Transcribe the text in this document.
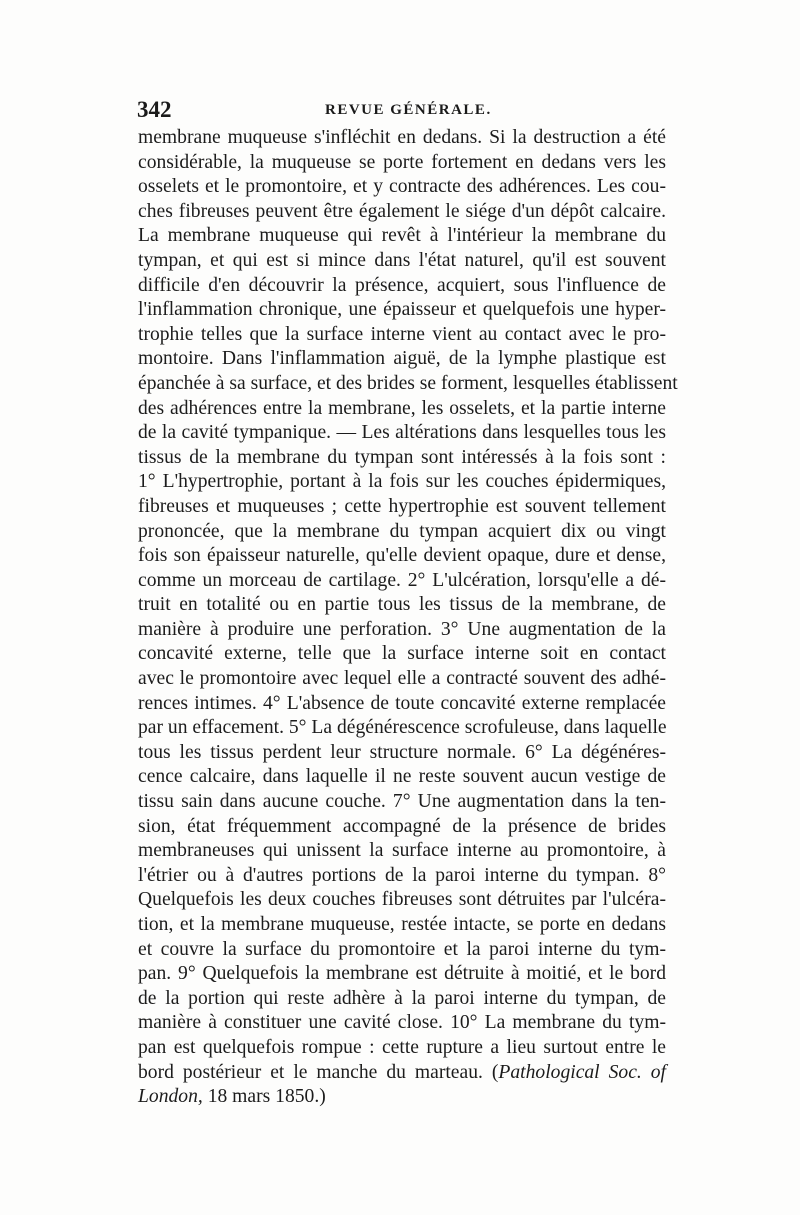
342	REVUE GÉNÉRALE.
membrane muqueuse s'infléchit en dedans. Si la destruction a été
considérable, la muqueuse se porte fortement en dedans vers les
osselets et le promontoire, et y contracte des adhérences. Les cou-
ches fibreuses peuvent être également le siége d'un dépôt calcaire.
La membrane muqueuse qui revêt à l'intérieur la membrane du
tympan, et qui est si mince dans l'état naturel, qu'il est souvent
difficile d'en découvrir la présence, acquiert, sous l'influence de
l'inflammation chronique, une épaisseur et quelquefois une hyper-
trophie telles que la surface interne vient au contact avec le pro-
montoire. Dans l'inflammation aiguë, de la lymphe plastique est
épanchée à sa surface, et des brides se forment, lesquelles établissent
des adhérences entre la membrane, les osselets, et la partie interne
de la cavité tympanique. — Les altérations dans lesquelles tous les
tissus de la membrane du tympan sont intéressés à la fois sont :
1° L'hypertrophie, portant à la fois sur les couches épidermiques,
fibreuses et muqueuses ; cette hypertrophie est souvent tellement
prononcée, que la membrane du tympan acquiert dix ou vingt
fois son épaisseur naturelle, qu'elle devient opaque, dure et dense,
comme un morceau de cartilage. 2° L'ulcération, lorsqu'elle a dé-
truit en totalité ou en partie tous les tissus de la membrane, de
manière à produire une perforation. 3° Une augmentation de la
concavité externe, telle que la surface interne soit en contact
avec le promontoire avec lequel elle a contracté souvent des adhé-
rences intimes. 4° L'absence de toute concavité externe remplacée
par un effacement. 5° La dégénérescence scrofuleuse, dans laquelle
tous les tissus perdent leur structure normale. 6° La dégénéres-
cence calcaire, dans laquelle il ne reste souvent aucun vestige de
tissu sain dans aucune couche. 7° Une augmentation dans la ten-
sion, état fréquemment accompagné de la présence de brides
membraneuses qui unissent la surface interne au promontoire, à
l'étrier ou à d'autres portions de la paroi interne du tympan. 8°
Quelquefois les deux couches fibreuses sont détruites par l'ulcéra-
tion, et la membrane muqueuse, restée intacte, se porte en dedans
et couvre la surface du promontoire et la paroi interne du tym-
pan. 9° Quelquefois la membrane est détruite à moitié, et le bord
de la portion qui reste adhère à la paroi interne du tympan, de
manière à constituer une cavité close. 10° La membrane du tym-
pan est quelquefois rompue : cette rupture a lieu surtout entre le
bord postérieur et le manche du marteau. (Pathological Soc. of
London, 18 mars 1850.)
